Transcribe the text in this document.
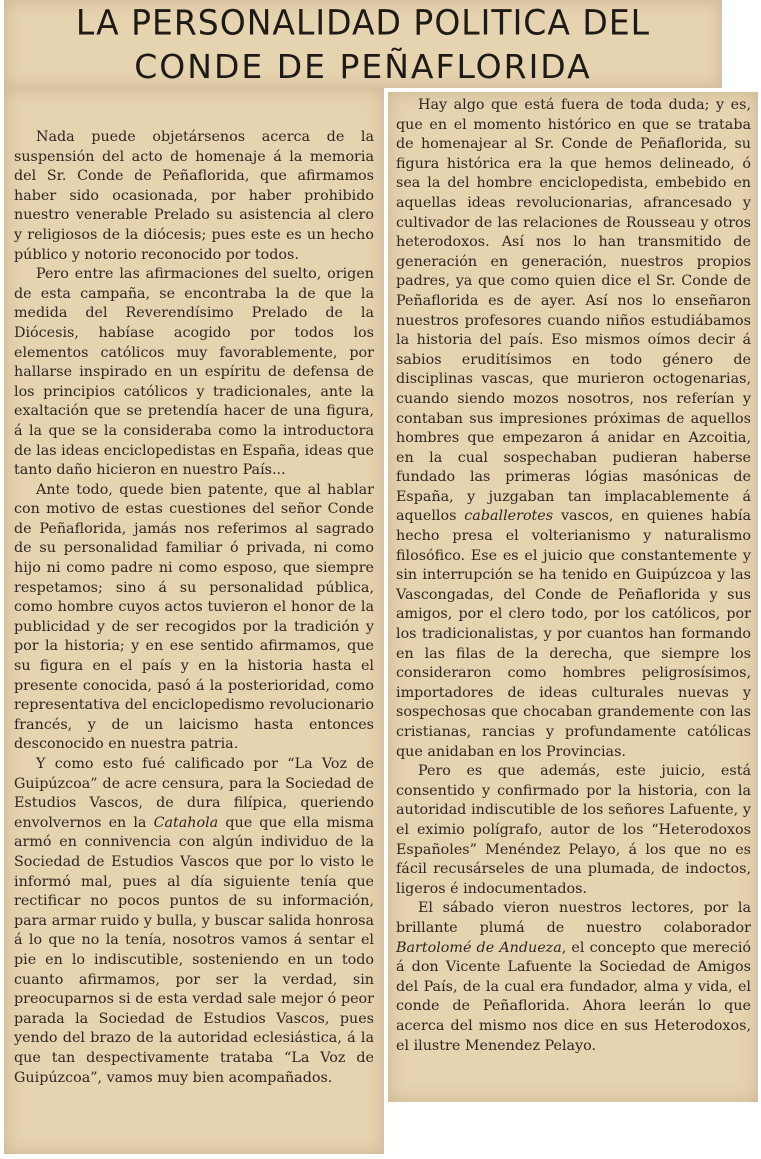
LA PERSONALIDAD POLITICA DEL
CONDE DE PEÑAFLORIDA

Nada puede objetársenos acerca de la suspensión del acto de homenaje á la memoria del Sr. Conde de Peñaflorida, que afirmamos haber sido ocasionada, por haber prohibido nuestro venerable Prelado su asistencia al clero y religiosos de la diócesis; pues este es un hecho público y notorio reconocido por todos.

Pero entre las afirmaciones del suelto, origen de esta campaña, se encontraba la de que la medida del Reverendísimo Prelado de la Diócesis, habíase acogido por todos los elementos católicos muy favorablemente, por hallarse inspirado en un espíritu de defensa de los principios católicos y tradicionales, ante la exaltación que se pretendía hacer de una figura, á la que se la consideraba como la introductora de las ideas enciclopedistas en España, ideas que tanto daño hicieron en nuestro País...

Ante todo, quede bien patente, que al hablar con motivo de estas cuestiones del señor Conde de Peñaflorida, jamás nos referimos al sagrado de su personalidad familiar ó privada, ni como hijo ni como padre ni como esposo, que siempre respetamos; sino á su personalidad pública, como hombre cuyos actos tuvieron el honor de la publicidad y de ser recogidos por la tradición y por la historia; y en ese sentido afirmamos, que su figura en el país y en la historia hasta el presente conocida, pasó á la posterioridad, como representativa del enciclopedismo revolucionario francés, y de un laicismo hasta entonces desconocido en nuestra patria.

Y como esto fué calificado por “La Voz de Guipúzcoa” de acre censura, para la Sociedad de Estudios Vascos, de dura filípica, queriendo envolvernos en la Catahola que que ella misma armó en connivencia con algún individuo de la Sociedad de Estudios Vascos que por lo visto le informó mal, pues al día siguiente tenía que rectificar no pocos puntos de su información, para armar ruido y bulla, y buscar salida honrosa á lo que no la tenía, nosotros vamos á sentar el pie en lo indiscutible, sosteniendo en un todo cuanto afirmamos, por ser la verdad, sin preocuparnos si de esta verdad sale mejor ó peor parada la Sociedad de Estudios Vascos, pues yendo del brazo de la autoridad eclesiástica, á la que tan despectivamente trataba “La Voz de Guipúzcoa”, vamos muy bien acompañados.

Hay algo que está fuera de toda duda; y es, que en el momento histórico en que se trataba de homenajear al Sr. Conde de Peñaflorida, su figura histórica era la que hemos delineado, ó sea la del hombre enciclopedista, embebido en aquellas ideas revolucionarias, afrancesado y cultivador de las relaciones de Rousseau y otros heterodoxos. Así nos lo han transmitido de generación en generación, nuestros propios padres, ya que como quien dice el Sr. Conde de Peñaflorida es de ayer. Así nos lo enseñaron nuestros profesores cuando niños estudiábamos la historia del país. Eso mismos oímos decir á sabios eruditísimos en todo género de disciplinas vascas, que murieron octogenarias, cuando siendo mozos nosotros, nos referían y contaban sus impresiones próximas de aquellos hombres que empezaron á anidar en Azcoitia, en la cual sospechaban pudieran haberse fundado las primeras lógias masónicas de España, y juzgaban tan implacablemente á aquellos caballerotes vascos, en quienes había hecho presa el volterianismo y naturalismo filosófico. Ese es el juicio que constantemente y sin interrupción se ha tenido en Guipúzcoa y las Vascongadas, del Conde de Peñaflorida y sus amigos, por el clero todo, por los católicos, por los tradicionalistas, y por cuantos han formando en las filas de la derecha, que siempre los consideraron como hombres peligrosísimos, importadores de ideas culturales nuevas y sospechosas que chocaban grandemente con las cristianas, rancias y profundamente católicas que anidaban en los Provincias.

Pero es que además, este juicio, está consentido y confirmado por la historia, con la autoridad indiscutible de los señores Lafuente, y el eximio polígrafo, autor de los “Heterodoxos Españoles” Menéndez Pelayo, á los que no es fácil recusárseles de una plumada, de indoctos, ligeros é indocumentados.

El sábado vieron nuestros lectores, por la brillante plumá de nuestro colaborador Bartolomé de Andueza, el concepto que mereció á don Vicente Lafuente la Sociedad de Amigos del País, de la cual era fundador, alma y vida, el conde de Peñaflorida. Ahora leerán lo que acerca del mismo nos dice en sus Heterodoxos, el ilustre Menendez Pelayo.
